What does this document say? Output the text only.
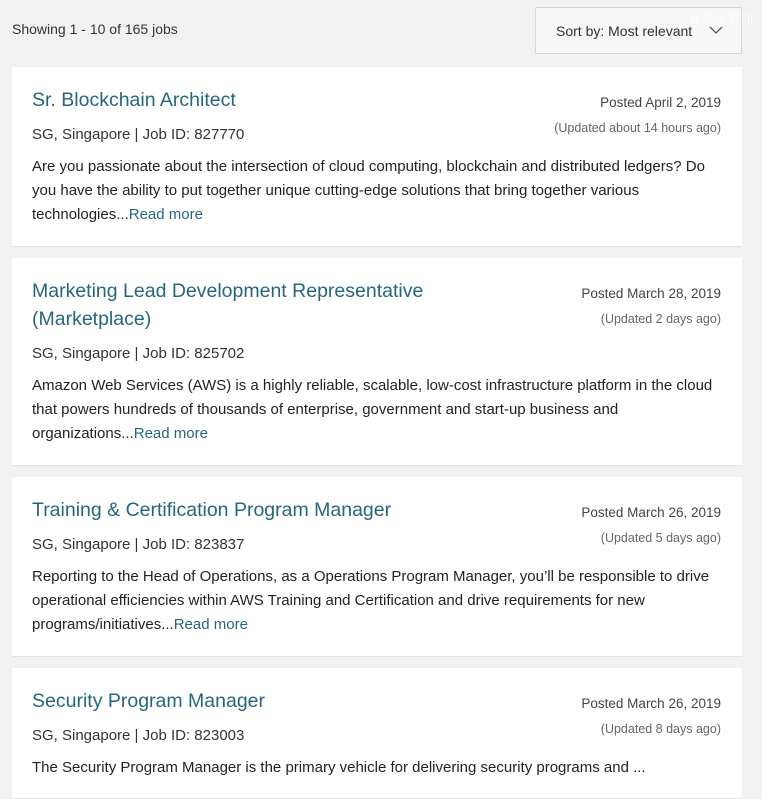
Showing 1 - 10 of 165 jobs	Sort by: Most relevant
亚马逊新闻
Sr. Blockchain Architect	Posted April 2, 2019
(Updated about 14 hours ago)
SG, Singapore | Job ID: 827770
Are you passionate about the intersection of cloud computing, blockchain and distributed ledgers? Do you have the ability to put together unique cutting-edge solutions that bring together various technologies...Read more
Marketing Lead Development Representative (Marketplace)
Posted March 28, 2019
(Updated 2 days ago)
SG, Singapore | Job ID: 825702
Amazon Web Services (AWS) is a highly reliable, scalable, low-cost infrastructure platform in the cloud that powers hundreds of thousands of enterprise, government and start-up business and organizations...Read more
Training & Certification Program Manager	Posted March 26, 2019
(Updated 5 days ago)
SG, Singapore | Job ID: 823837
Reporting to the Head of Operations, as a Operations Program Manager, you’ll be responsible to drive operational efficiencies within AWS Training and Certification and drive requirements for new programs/initiatives...Read more
Security Program Manager	Posted March 26, 2019
(Updated 8 days ago)
SG, Singapore | Job ID: 823003
The Security Program Manager is the primary vehicle for delivering security programs and ...
